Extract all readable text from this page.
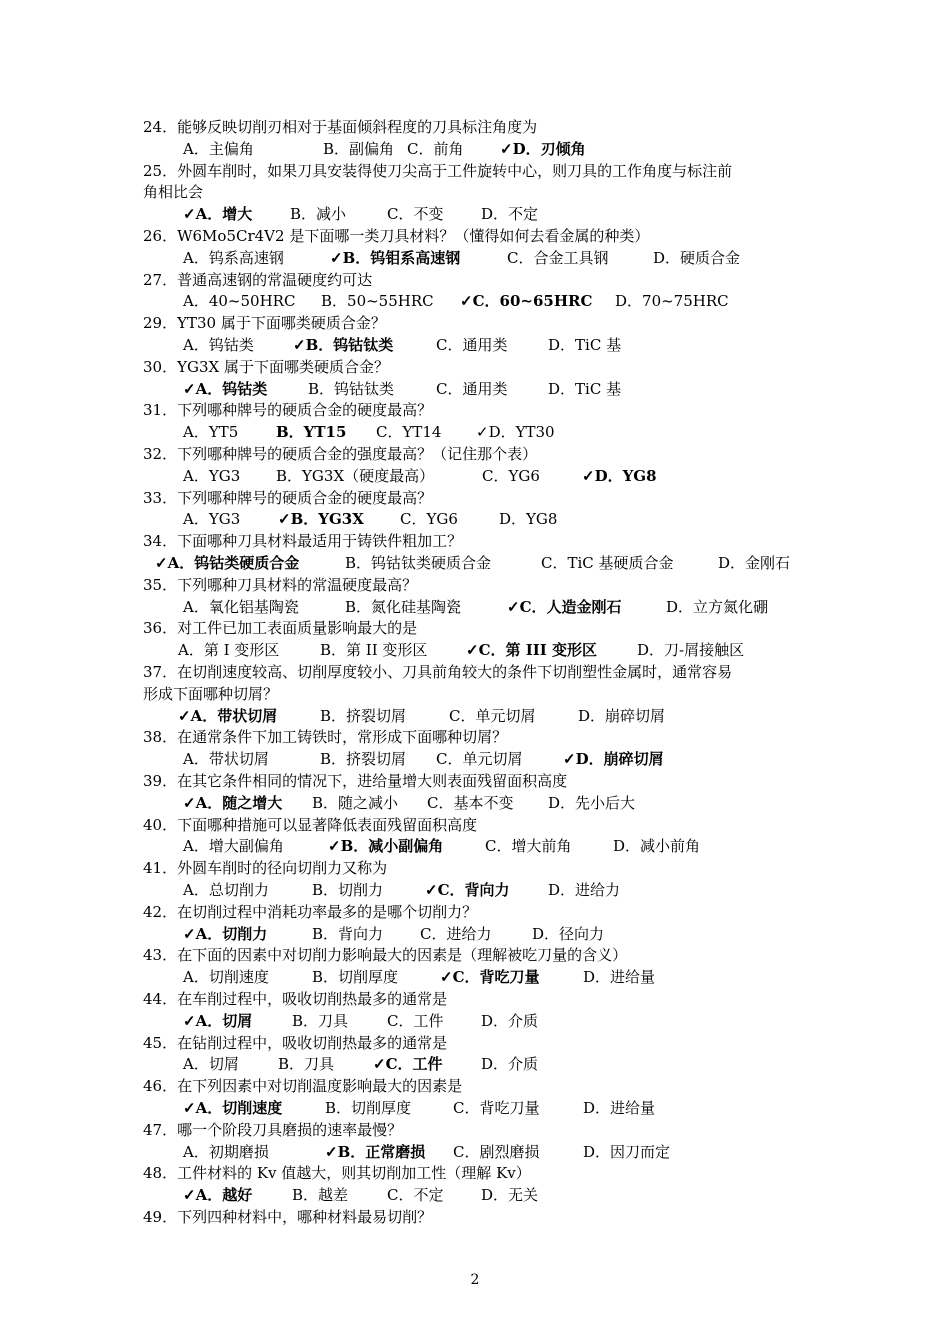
24．能够反映切削刃相对于基面倾斜程度的刀具标注角度为
A．主偏角	B．副偏角 C．前角 ✓D．刃倾角
25．外圆车削时，如果刀具安装得使刀尖高于工件旋转中心，则刀具的工作角度与标注前
角相比会
✓A．增大	B．减小	C．不变	D．不定
26．W6Mo5Cr4V2 是下面哪一类刀具材料？（懂得如何去看金属的种类）
A．钨系高速钢	✓B．钨钼系高速钢	C．合金工具钢	D．硬质合金
27．普通高速钢的常温硬度约可达
A．40~50HRC B．50~55HRC ✓C．60~65HRC D．70~75HRC
29．YT30 属于下面哪类硬质合金？
A．钨钴类	✓B．钨钴钛类	C．通用类	D．TiC 基
30．YG3X 属于下面哪类硬质合金？
✓A．钨钴类	B．钨钴钛类	C．通用类	D．TiC 基
31．下列哪种牌号的硬质合金的硬度最高？
A．YT5	B．YT15 C．YT14 ✓D．YT30
32．下列哪种牌号的硬质合金的强度最高？（记住那个表）
A．YG3 B．YG3X（硬度最高）	C．YG6	✓D．YG8
33．下列哪种牌号的硬质合金的硬度最高？
A．YG3	✓B．YG3X C．YG6	D．YG8
34．下面哪种刀具材料最适用于铸铁件粗加工？
✓A．钨钴类硬质合金	B．钨钴钛类硬质合金	C．TiC 基硬质合金	D．金刚石
35．下列哪种刀具材料的常温硬度最高？
A．氧化铝基陶瓷	B．氮化硅基陶瓷	✓C．人造金刚石	D．立方氮化硼
36．对工件已加工表面质量影响最大的是
A．第 I 变形区	B．第 II 变形区	✓C．第 III 变形区	D．刀-屑接触区
37．在切削速度较高、切削厚度较小、刀具前角较大的条件下切削塑性金属时，通常容易
形成下面哪种切屑？
✓A．带状切屑	B．挤裂切屑	C．单元切屑	D．崩碎切屑
38．在通常条件下加工铸铁时，常形成下面哪种切屑？
A．带状切屑	B．挤裂切屑 C．单元切屑	✓D．崩碎切屑
39．在其它条件相同的情况下，进给量增大则表面残留面积高度
✓A．随之增大 B．随之减小 C．基本不变 D．先小后大
40．下面哪种措施可以显著降低表面残留面积高度
A．增大副偏角	✓B．减小副偏角	C．增大前角	D．减小前角
41．外圆车削时的径向切削力又称为
A．总切削力	B．切削力	✓C．背向力	D．进给力
42．在切削过程中消耗功率最多的是哪个切削力？
✓A．切削力	B．背向力 C．进给力	D．径向力
43．在下面的因素中对切削力影响最大的因素是（理解被吃刀量的含义）
A．切削速度	B．切削厚度	✓C．背吃刀量	D．进给量
44．在车削过程中，吸收切削热最多的通常是
✓A．切屑	B．刀具	C．工件	D．介质
45．在钻削过程中，吸收切削热最多的通常是
A．切屑	B．刀具	✓C．工件	D．介质
46．在下列因素中对切削温度影响最大的因素是
✓A．切削速度	B．切削厚度	C．背吃刀量	D．进给量
47．哪一个阶段刀具磨损的速率最慢？
A．初期磨损	✓B．正常磨损 C．剧烈磨损	D．因刀而定
48．工件材料的 Kv 值越大，则其切削加工性（理解 Kv）
✓A．越好	B．越差	C．不定	D．无关
49．下列四种材料中，哪种材料最易切削？
2
